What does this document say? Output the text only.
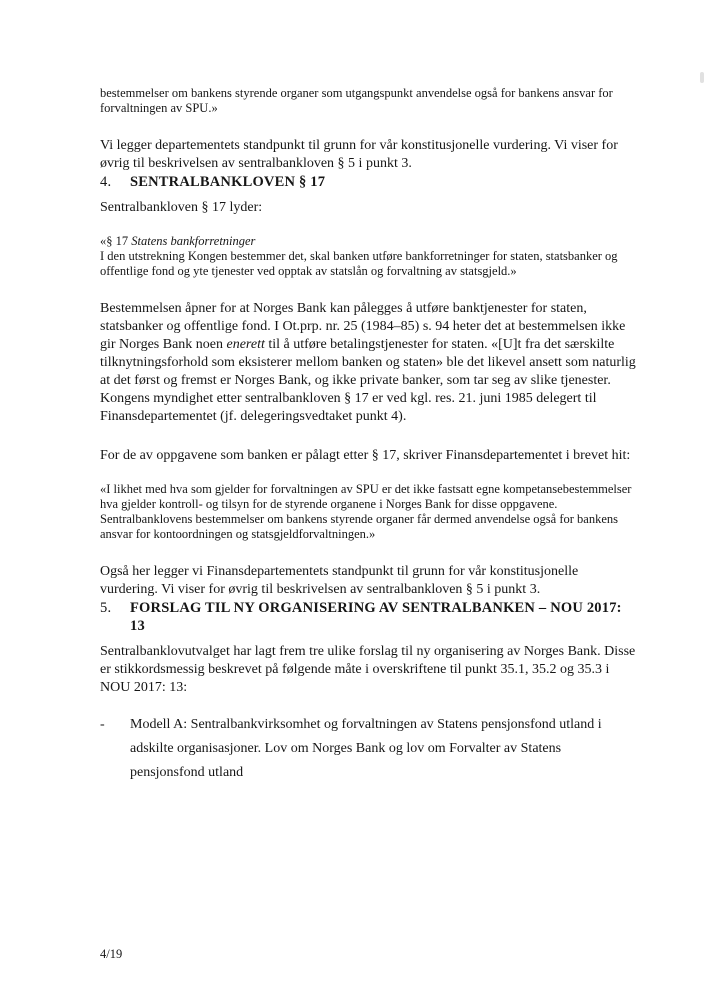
bestemmelser om bankens styrende organer som utgangspunkt anvendelse også for bankens ansvar for forvaltningen av SPU.»

Vi legger departementets standpunkt til grunn for vår konstitusjonelle vurdering. Vi viser for øvrig til beskrivelsen av sentralbankloven § 5 i punkt 3.

4.	SENTRALBANKLOVEN § 17

Sentralbankloven § 17 lyder:

«§ 17 Statens bankforretninger
I den utstrekning Kongen bestemmer det, skal banken utføre bankforretninger for staten, statsbanker og offentlige fond og yte tjenester ved opptak av statslån og forvaltning av statsgjeld.»

Bestemmelsen åpner for at Norges Bank kan pålegges å utføre banktjenester for staten, statsbanker og offentlige fond. I Ot.prp. nr. 25 (1984–85) s. 94 heter det at bestemmelsen ikke gir Norges Bank noen enerett til å utføre betalingstjenester for staten. «[U]t fra det særskilte tilknytningsforhold som eksisterer mellom banken og staten» ble det likevel ansett som naturlig at det først og fremst er Norges Bank, og ikke private banker, som tar seg av slike tjenester. Kongens myndighet etter sentralbankloven § 17 er ved kgl. res. 21. juni 1985 delegert til Finansdepartementet (jf. delegeringsvedtaket punkt 4).

For de av oppgavene som banken er pålagt etter § 17, skriver Finansdepartementet i brevet hit:

«I likhet med hva som gjelder for forvaltningen av SPU er det ikke fastsatt egne kompetansebestemmelser hva gjelder kontroll- og tilsyn for de styrende organene i Norges Bank for disse oppgavene. Sentralbanklovens bestemmelser om bankens styrende organer får dermed anvendelse også for bankens ansvar for kontoordningen og statsgjeldforvaltningen.»

Også her legger vi Finansdepartementets standpunkt til grunn for vår konstitusjonelle vurdering. Vi viser for øvrig til beskrivelsen av sentralbankloven § 5 i punkt 3.

5.	FORSLAG TIL NY ORGANISERING AV SENTRALBANKEN – NOU 2017: 13

Sentralbanklovutvalget har lagt frem tre ulike forslag til ny organisering av Norges Bank. Disse er stikkordsmessig beskrevet på følgende måte i overskriftene til punkt 35.1, 35.2 og 35.3 i NOU 2017: 13:

-	Modell A: Sentralbankvirksomhet og forvaltningen av Statens pensjonsfond utland i adskilte organisasjoner. Lov om Norges Bank og lov om Forvalter av Statens pensjonsfond utland
4/19
